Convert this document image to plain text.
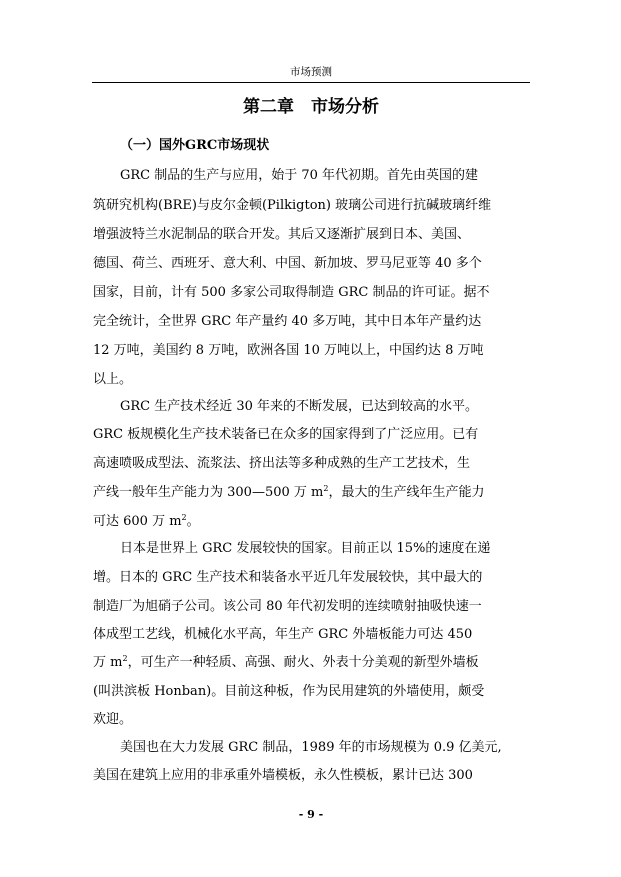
市场预测
第二章　市场分析
（一）国外GRC市场现状
GRC 制品的生产与应用，始于 70 年代初期。首先由英国的建
筑研究机构(BRE)与皮尔金顿(Pilkigton) 玻璃公司进行抗碱玻璃纤维
增强波特兰水泥制品的联合开发。其后又逐渐扩展到日本、美国、
德国、荷兰、西班牙、意大利、中国、新加坡、罗马尼亚等 40 多个
国家，目前，计有 500 多家公司取得制造 GRC 制品的许可证。据不
完全统计，全世界 GRC 年产量约 40 多万吨，其中日本年产量约达
12 万吨，美国约 8 万吨，欧洲各国 10 万吨以上，中国约达 8 万吨
以上。
GRC 生产技术经近 30 年来的不断发展，已达到较高的水平。
GRC 板规模化生产技术装备已在众多的国家得到了广泛应用。已有
高速喷吸成型法、流浆法、挤出法等多种成熟的生产工艺技术，生
产线一般年生产能力为 300—500 万 $m^2$，最大的生产线年生产能力
可达 600 万 $m^2$。
日本是世界上 GRC 发展较快的国家。目前正以 15%的速度在递
增。日本的 GRC 生产技术和装备水平近几年发展较快，其中最大的
制造厂为旭硝子公司。该公司 80 年代初发明的连续喷射抽吸快速一
体成型工艺线，机械化水平高，年生产 GRC 外墙板能力可达 450
万 $m^2$，可生产一种轻质、高强、耐火、外表十分美观的新型外墙板
(叫洪滨板 Honban)。目前这种板，作为民用建筑的外墙使用，颇受
欢迎。
美国也在大力发展 GRC 制品，1989 年的市场规模为 0.9 亿美元,
美国在建筑上应用的非承重外墙模板，永久性模板，累计已达 300
- 9 -
